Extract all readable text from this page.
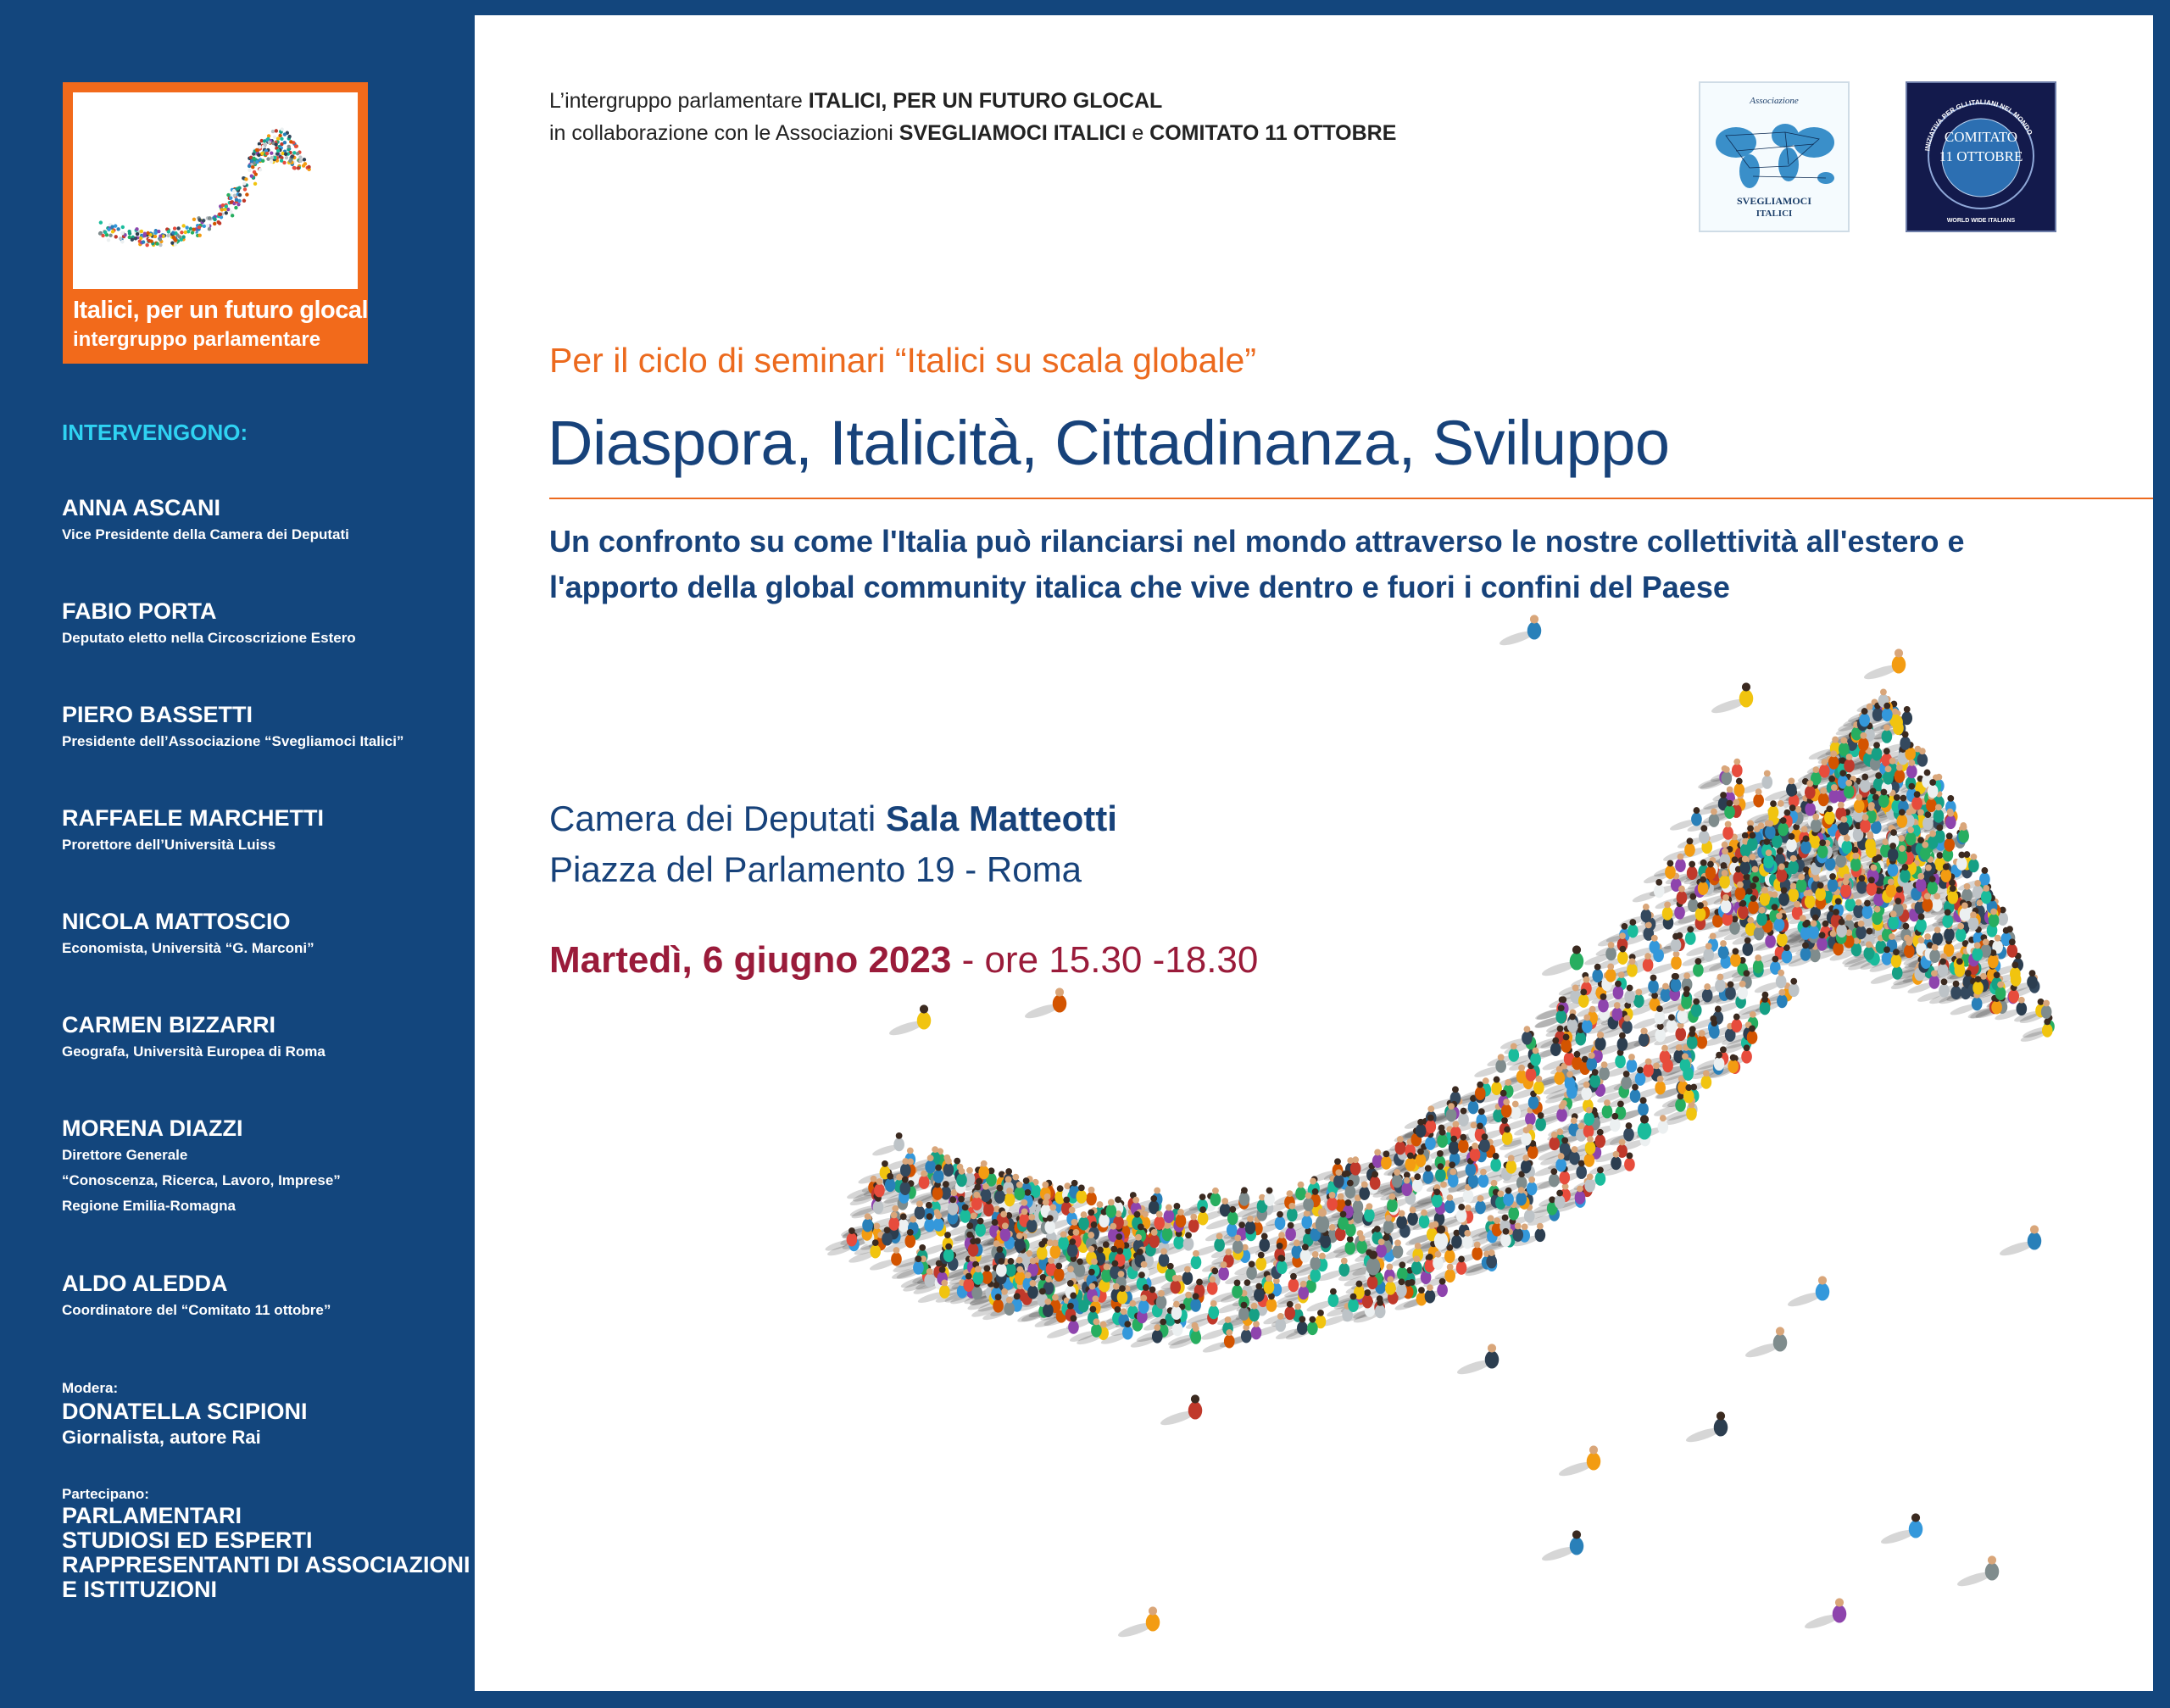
Italici, per un futuro glocal
intergruppo parlamentare
INTERVENGONO:
ANNA ASCANI
Vice Presidente della Camera dei Deputati
FABIO PORTA
Deputato eletto nella Circoscrizione Estero
PIERO BASSETTI
Presidente dell’Associazione “Svegliamoci Italici”
RAFFAELE MARCHETTI
Prorettore dell’Università Luiss
NICOLA MATTOSCIO
Economista, Università “G. Marconi”
CARMEN BIZZARRI
Geografa, Università Europea di Roma
MORENA DIAZZI
Direttore Generale
“Conoscenza, Ricerca, Lavoro, Imprese”
Regione Emilia-Romagna
ALDO ALEDDA
Coordinatore del “Comitato 11 ottobre”
Modera:
DONATELLA SCIPIONI
Giornalista, autore Rai
Partecipano:
PARLAMENTARI
STUDIOSI ED ESPERTI
RAPPRESENTANTI DI ASSOCIAZIONI
E ISTITUZIONI
L’intergruppo parlamentare ITALICI, PER UN FUTURO GLOCAL
in collaborazione con le Associazioni SVEGLIAMOCI ITALICI e COMITATO 11 OTTOBRE
Associazione
SVEGLIAMOCI
ITALICI
INIZIATIVA PER GLI ITALIANI NEL MONDO
COMITATO
11 OTTOBRE
WORLD WIDE ITALIANS
Per il ciclo di seminari “Italici su scala globale”
Diaspora, Italicità, Cittadinanza, Sviluppo
Un confronto su come l'Italia può rilanciarsi nel mondo attraverso le nostre collettività all'estero e l'apporto della global community italica che vive dentro e fuori i confini del Paese
Camera dei Deputati Sala Matteotti
Piazza del Parlamento 19 - Roma
Martedì, 6 giugno 2023 - ore 15.30 -18.30
